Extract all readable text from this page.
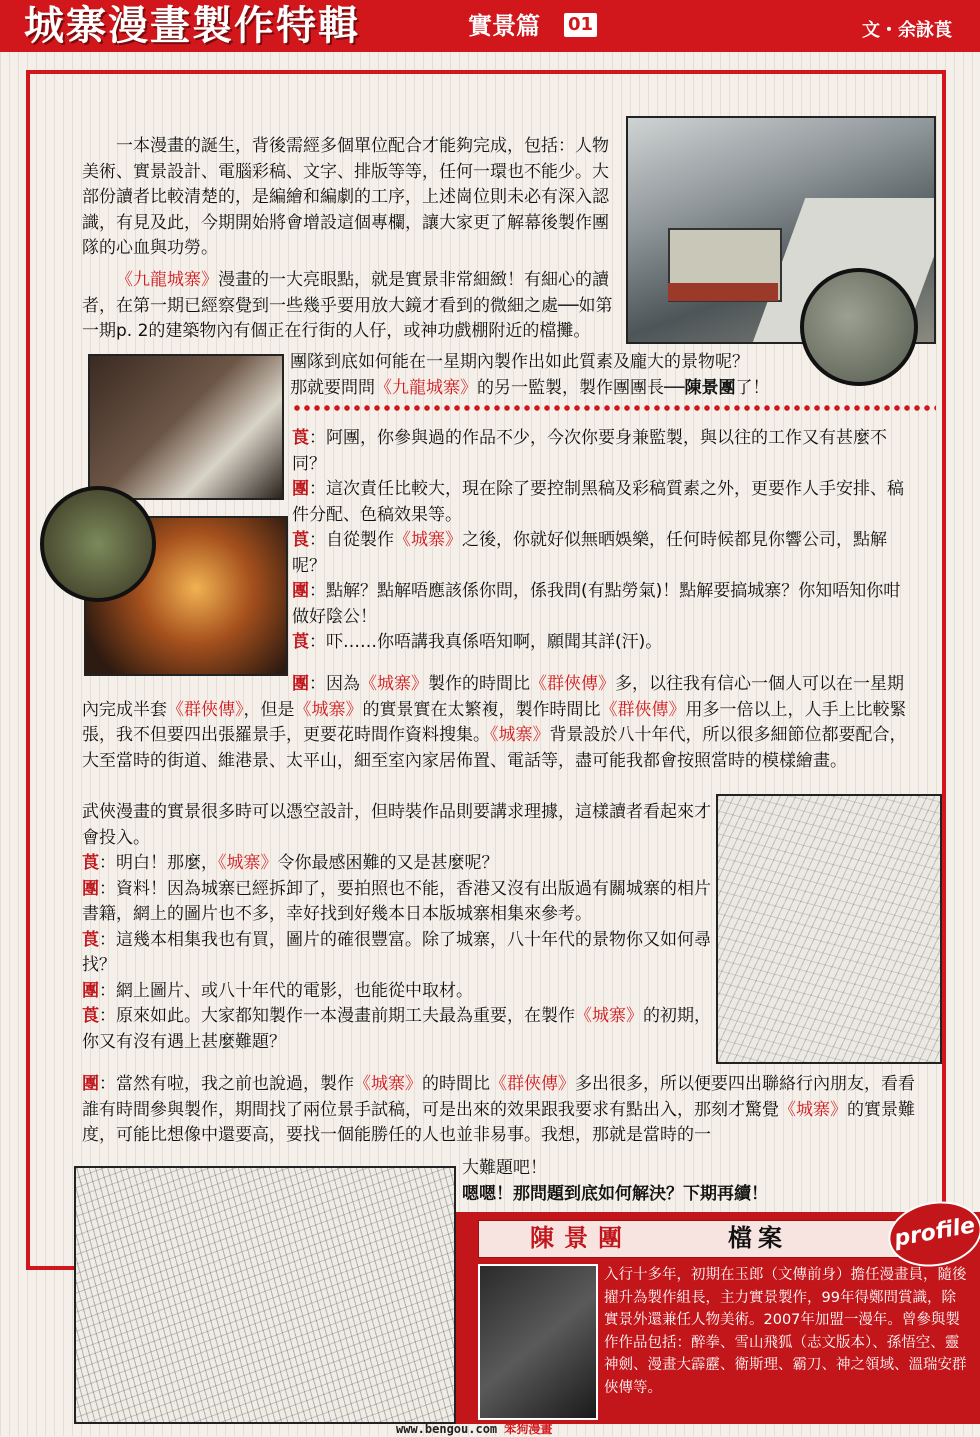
城寨漫畫製作特輯	實景篇 01	文・余詠莨

一本漫畫的誕生，背後需經多個單位配合才能夠完成，包括：人物美術、實景設計、電腦彩稿、文字、排版等等，任何一環也不能少。大部份讀者比較清楚的，是編繪和編劇的工序，上述崗位則未必有深入認識，有見及此，今期開始將會增設這個專欄，讓大家更了解幕後製作團隊的心血與功勞。

《九龍城寨》漫畫的一大亮眼點，就是實景非常細緻！有細心的讀者，在第一期已經察覺到一些幾乎要用放大鏡才看到的微細之處──如第一期p. 2的建築物內有個正在行街的人仔，或神功戲棚附近的檔攤。

團隊到底如何能在一星期內製作出如此質素及龐大的景物呢？

那就要問問《九龍城寨》的另一監製，製作團團長──陳景團了！

莨：阿團，你參與過的作品不少，今次你要身兼監製，與以往的工作又有甚麼不同？

團：這次責任比較大，現在除了要控制黑稿及彩稿質素之外，更要作人手安排、稿件分配、色稿效果等。

莨：自從製作《城寨》之後，你就好似無晒娛樂，任何時候都見你響公司，點解呢？

團：點解？點解唔應該係你問，係我問(有點勞氣)！點解要搞城寨？你知唔知你咁做好陰公！

莨：吓……你唔講我真係唔知啊，願聞其詳(汗)。

團：因為《城寨》製作的時間比《群俠傳》多，以往我有信心一個人可以在一星期內完成半套《群俠傳》，但是《城寨》的實景實在太繁複，製作時間比《群俠傳》用多一倍以上，人手上比較緊張，我不但要四出張羅景手，更要花時間作資料搜集。《城寨》背景設於八十年代，所以很多細節位都要配合，大至當時的街道、維港景、太平山，細至室內家居佈置、電話等，盡可能我都會按照當時的模樣繪畫。

武俠漫畫的實景很多時可以憑空設計，但時裝作品則要講求理據，這樣讀者看起來才會投入。

莨：明白！那麼，《城寨》令你最感困難的又是甚麼呢？

團：資料！因為城寨已經拆卸了，要拍照也不能，香港又沒有出版過有關城寨的相片書籍，網上的圖片也不多，幸好找到好幾本日本版城寨相集來參考。

莨：這幾本相集我也有買，圖片的確很豐富。除了城寨，八十年代的景物你又如何尋找？

團：網上圖片、或八十年代的電影，也能從中取材。

莨：原來如此。大家都知製作一本漫畫前期工夫最為重要，在製作《城寨》的初期，你又有沒有遇上甚麼難題？

團：當然有啦，我之前也說過，製作《城寨》的時間比《群俠傳》多出很多，所以便要四出聯絡行內朋友，看看誰有時間參與製作，期間找了兩位景手試稿，可是出來的效果跟我要求有點出入，那刻才驚覺《城寨》的實景難度，可能比想像中還要高，要找一個能勝任的人也並非易事。我想，那就是當時的一

大難題吧！

嗯嗯！那問題到底如何解決？下期再續！

陳景團	檔案	profile
入行十多年，初期在玉郎（文傳前身）擔任漫畫員，隨後擢升為製作組長，主力實景製作，99年得鄭問賞識，除實景外還兼任人物美術。2007年加盟一漫年。曾參與製作作品包括：醉拳、雪山飛狐（志文版本）、孫悟空、靈神劍、漫畫大霹靂、衛斯理、霸刀、神之領域、溫瑞安群俠傳等。
www.bengou.com 笨狗漫畫
